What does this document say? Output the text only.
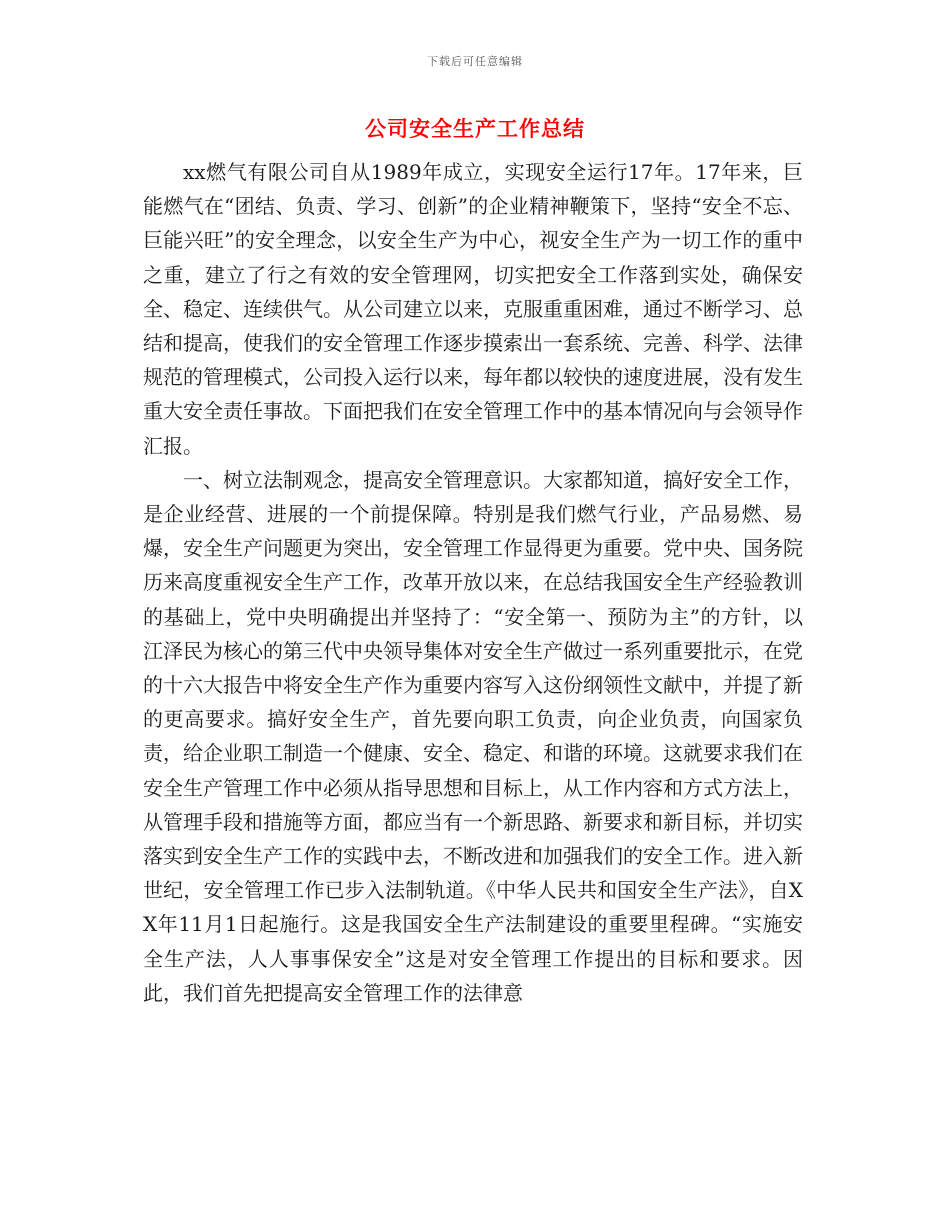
下载后可任意编辑
公司安全生产工作总结

xx燃气有限公司自从1989年成立，实现安全运行17年。17年来，巨能燃气在“团结、负责、学习、创新”的企业精神鞭策下，坚持“安全不忘、巨能兴旺”的安全理念，以安全生产为中心，视安全生产为一切工作的重中之重，建立了行之有效的安全管理网，切实把安全工作落到实处，确保安全、稳定、连续供气。从公司建立以来，克服重重困难，通过不断学习、总结和提高，使我们的安全管理工作逐步摸索出一套系统、完善、科学、法律规范的管理模式，公司投入运行以来，每年都以较快的速度进展，没有发生重大安全责任事故。下面把我们在安全管理工作中的基本情况向与会领导作汇报。

一、树立法制观念，提高安全管理意识。大家都知道，搞好安全工作，是企业经营、进展的一个前提保障。特别是我们燃气行业，产品易燃、易爆，安全生产问题更为突出，安全管理工作显得更为重要。党中央、国务院历来高度重视安全生产工作，改革开放以来，在总结我国安全生产经验教训的基础上，党中央明确提出并坚持了：“安全第一、预防为主”的方针，以江泽民为核心的第三代中央领导集体对安全生产做过一系列重要批示，在党的十六大报告中将安全生产作为重要内容写入这份纲领性文献中，并提了新的更高要求。搞好安全生产，首先要向职工负责，向企业负责，向国家负责，给企业职工制造一个健康、安全、稳定、和谐的环境。这就要求我们在安全生产管理工作中必须从指导思想和目标上，从工作内容和方式方法上，从管理手段和措施等方面，都应当有一个新思路、新要求和新目标，并切实落实到安全生产工作的实践中去，不断改进和加强我们的安全工作。进入新世纪，安全管理工作已步入法制轨道。《中华人民共和国安全生产法》，自XX年11月1日起施行。这是我国安全生产法制建设的重要里程碑。“实施安全生产法，人人事事保安全”这是对安全管理工作提出的目标和要求。因此，我们首先把提高安全管理工作的法律意
